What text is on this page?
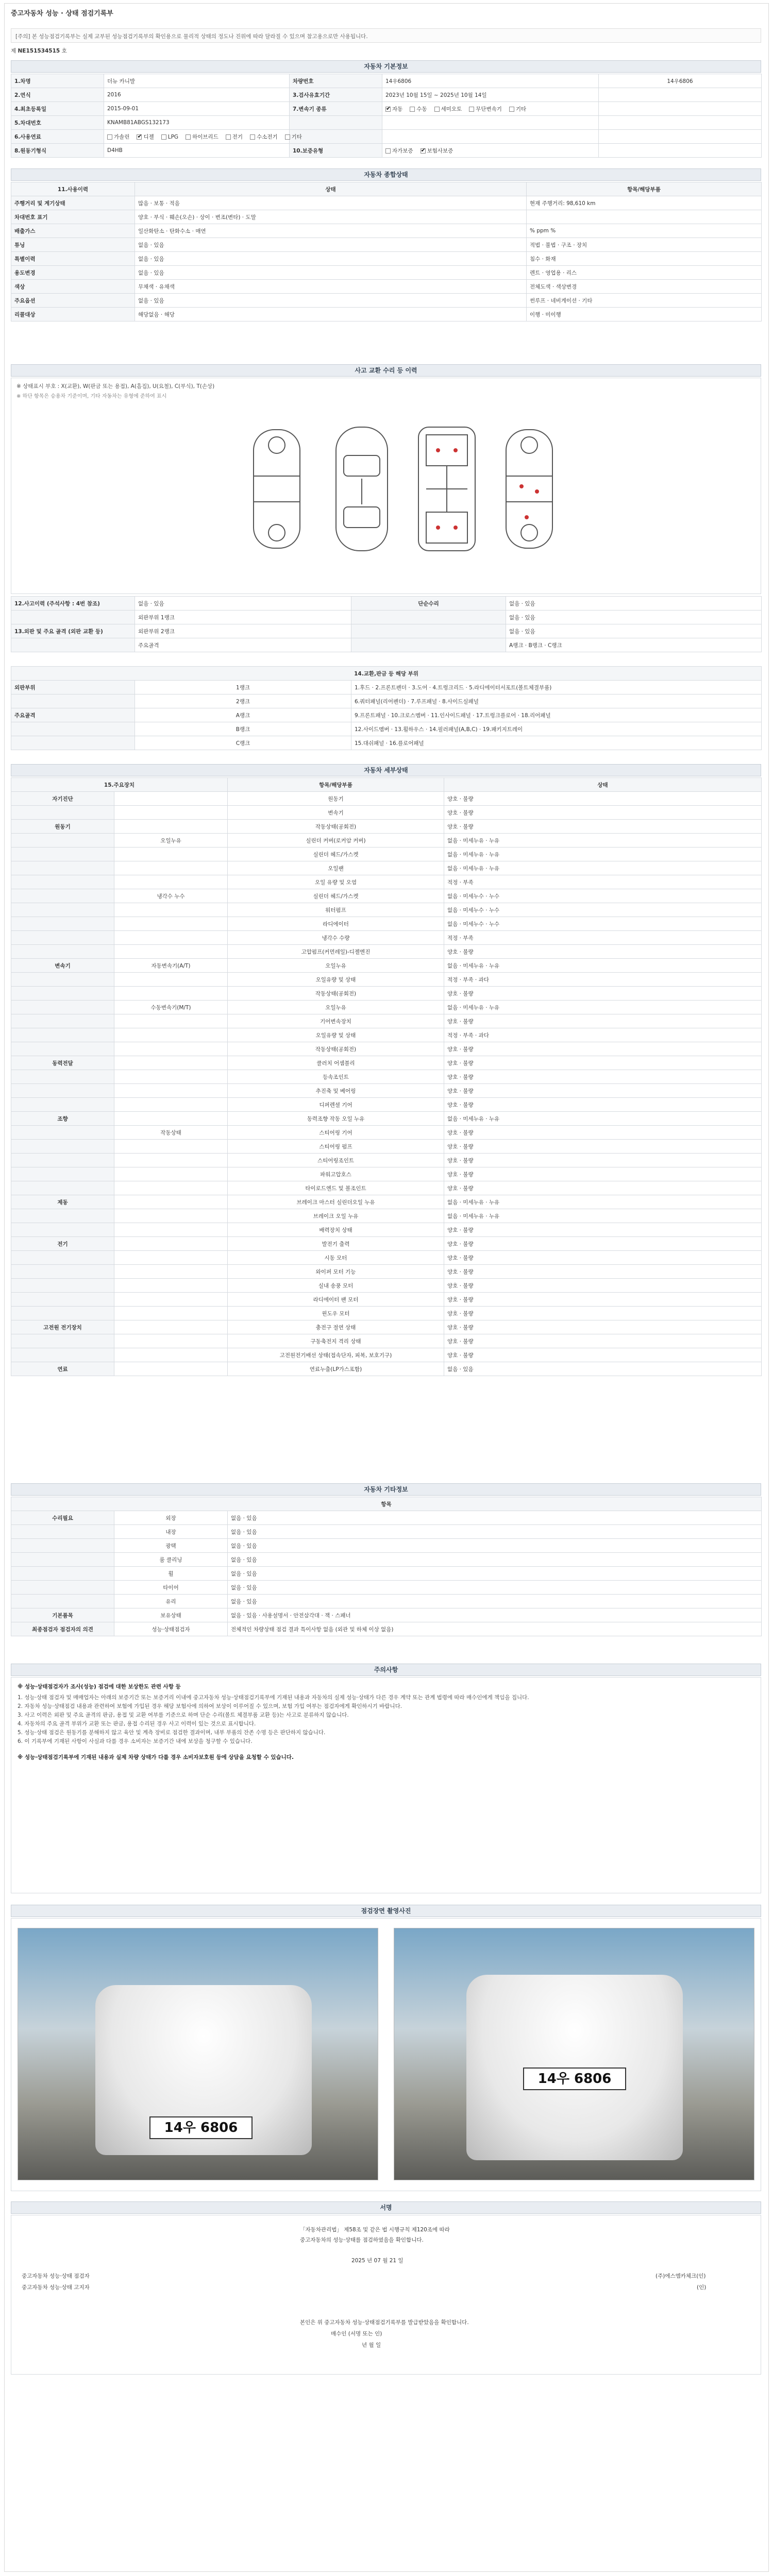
중고자동차 성능 · 상태 점검기록부
[주의] 본 성능점검기록부는 실제 교부된 성능점검기록부의 확인용으로 물리적 상태의 정도나 진위에 따라 달라질 수 있으며 참고용으로만 사용됩니다.
제 NE151534515 호
자동차 기본정보
1.차명	더뉴 카니발	차량번호	14우6806	14우6806
2.연식	2016	3.검사유효기간	2023년 10월 15일 ~ 2025년 10월 14일	
4.최초등록일	2015-09-01	7.변속기 종류	✔자동 수동 세미오토 무단변속기 기타	
5.차대번호	KNAMB81ABGS132173			
6.사용연료	가솔린 ✔ 디젤 LPG 하이브리드 전기 수소전기 기타			
8.원동기형식	D4HB	10.보증유형	자가보증 ✔ 보험사보증	
자동차 종합상태
11.사용이력	상태	항목/해당부품
주행거리 및 계기상태	많음 · 보통 · 적음	현재 주행거리: 98,610 km
차대번호 표기	양호 · 부식 · 훼손(오손) · 상이 · 변조(변타) · 도말	
배출가스	일산화탄소 · 탄화수소 · 매연	% ppm %
튜닝	없음 · 있음	적법 · 불법 · 구조 · 장치
특별이력	없음 · 있음	침수 · 화재
용도변경	없음 · 있음	렌트 · 영업용 · 리스
색상	무채색 · 유채색	전체도색 · 색상변경
주요옵션	없음 · 있음	썬루프 · 네비게이션 · 기타
리콜대상	해당없음 · 해당	이행 · 미이행
사고 교환 수리 등 이력
※ 상태표시 부호 : X(교환), W(판금 또는 용접), A(흠집), U(요철), C(부식), T(손상)
※ 하단 항목은 승용차 기준이며, 기타 자동차는 유형에 준하여 표시
12.사고이력 (주석사항 : 4번 참조)	없음 · 있음	단순수리	없음 · 있음
	외판부위 1랭크		없음 · 있음
13.외판 및 주요 골격 (외판 교환 등)	외판부위 2랭크		없음 · 있음
	주요골격		A랭크 · B랭크 · C랭크
14.교환,판금 등 해당 부위		
외판부위	1랭크	1.후드 · 2.프론트펜더 · 3.도어 · 4.트렁크리드 · 5.라디에이터서포트(볼트체결부품)
	2랭크	6.쿼터패널(리어펜더) · 7.루프패널 · 8.사이드실패널
주요골격	A랭크	9.프론트패널 · 10.크로스멤버 · 11.인사이드패널 · 17.트렁크플로어 · 18.리어패널
	B랭크	12.사이드멤버 · 13.휠하우스 · 14.필러패널(A,B,C) · 19.패키지트레이
	C랭크	15.대쉬패널 · 16.플로어패널
자동차 세부상태
15.주요장치		항목/해당부품	상태
자기진단		원동기	양호 · 불량
		변속기	양호 · 불량
원동기		작동상태(공회전)	양호 · 불량
	오일누유	실린더 커버(로커암 커버)	없음 · 미세누유 · 누유
		실린더 헤드/가스켓	없음 · 미세누유 · 누유
		오일팬	없음 · 미세누유 · 누유
		오일 유량 및 오염	적정 · 부족
	냉각수 누수	실린더 헤드/가스켓	없음 · 미세누수 · 누수
		워터펌프	없음 · 미세누수 · 누수
		라디에이터	없음 · 미세누수 · 누수
		냉각수 수량	적정 · 부족
		고압펌프(커먼레일)-디젤엔진	양호 · 불량
변속기	자동변속기(A/T)	오일누유	없음 · 미세누유 · 누유
		오일유량 및 상태	적정 · 부족 · 과다
		작동상태(공회전)	양호 · 불량
	수동변속기(M/T)	오일누유	없음 · 미세누유 · 누유
		기어변속장치	양호 · 불량
		오일유량 및 상태	적정 · 부족 · 과다
		작동상태(공회전)	양호 · 불량
동력전달		클러치 어셈블리	양호 · 불량
		등속조인트	양호 · 불량
		추진축 및 베어링	양호 · 불량
		디퍼렌셜 기어	양호 · 불량
조향		동력조향 작동 오일 누유	없음 · 미세누유 · 누유
	작동상태	스티어링 기어	양호 · 불량
		스티어링 펌프	양호 · 불량
		스티어링조인트	양호 · 불량
		파워고압호스	양호 · 불량
		타이로드엔드 및 볼조인트	양호 · 불량
제동		브레이크 마스터 실린더오일 누유	없음 · 미세누유 · 누유
		브레이크 오일 누유	없음 · 미세누유 · 누유
		배력장치 상태	양호 · 불량
전기		발전기 출력	양호 · 불량
		시동 모터	양호 · 불량
		와이퍼 모터 기능	양호 · 불량
		실내 송풍 모터	양호 · 불량
		라디에이터 팬 모터	양호 · 불량
		윈도우 모터	양호 · 불량
고전원 전기장치		충전구 절연 상태	양호 · 불량
		구동축전지 격리 상태	양호 · 불량
		고전원전기배선 상태(접속단자, 피복, 보호기구)	양호 · 불량
연료		연료누출(LP가스포함)	없음 · 있음
자동차 기타정보
항목		
수리필요	외장	없음 · 있음
	내장	없음 · 있음
	광택	없음 · 있음
	룸 클리닝	없음 · 있음
	휠	없음 · 있음
	타이어	없음 · 있음
	유리	없음 · 있음
기본품목	보유상태	없음 · 있음 · 사용설명서 · 안전삼각대 · 잭 · 스패너
최종점검자 점검자의 의견	성능·상태점검자	전체적인 차량상태 점검 결과 특이사항 없음 (외관 및 하체 이상 없음)
주의사항

※ 성능·상태점검자가 조사(성능) 점검에 대한 보상한도 관련 사항 등

1. 성능·상태 점검자 및 매매업자는 아래의 보증기간 또는 보증거리 이내에 중고자동차 성능·상태점검기록부에 기재된 내용과 자동차의 실제 성능·상태가 다른 경우 계약 또는 관계 법령에 따라 매수인에게 책임을 집니다.

2. 자동차 성능·상태점검 내용과 관련하여 보험에 가입된 경우 해당 보험사에 의하여 보상이 이루어질 수 있으며, 보험 가입 여부는 점검자에게 확인하시기 바랍니다.

3. 사고 이력은 외판 및 주요 골격의 판금, 용접 및 교환 여부를 기준으로 하며 단순 수리(볼트 체결부품 교환 등)는 사고로 분류하지 않습니다.

4. 자동차의 주요 골격 부위가 교환 또는 판금, 용접 수리된 경우 사고 이력이 있는 것으로 표시합니다.

5. 성능·상태 점검은 원동기를 분해하지 않고 육안 및 계측 장비로 점검한 결과이며, 내부 부품의 잔존 수명 등은 판단하지 않습니다.

6. 이 기록부에 기재된 사항이 사실과 다를 경우 소비자는 보증기간 내에 보상을 청구할 수 있습니다.

※ 성능·상태점검기록부에 기재된 내용과 실제 차량 상태가 다를 경우 소비자보호원 등에 상담을 요청할 수 있습니다.

점검장면 촬영사진
14우 6806
14우 6806
서명
「자동차관리법」 제58조 및 같은 법 시행규칙 제120조에 따라
중고자동차의 성능·상태를 점검하였음을 확인합니다.
2025 년 07 월 21 일
중고자동차 성능·상태 점검자	(주)에스엠카체크(인)
중고자동차 성능·상태 고지자	(인)
본인은 위 중고자동차 성능·상태점검기록부를 발급받았음을 확인합니다.
매수인 (서명 또는 인)
년 월 일
